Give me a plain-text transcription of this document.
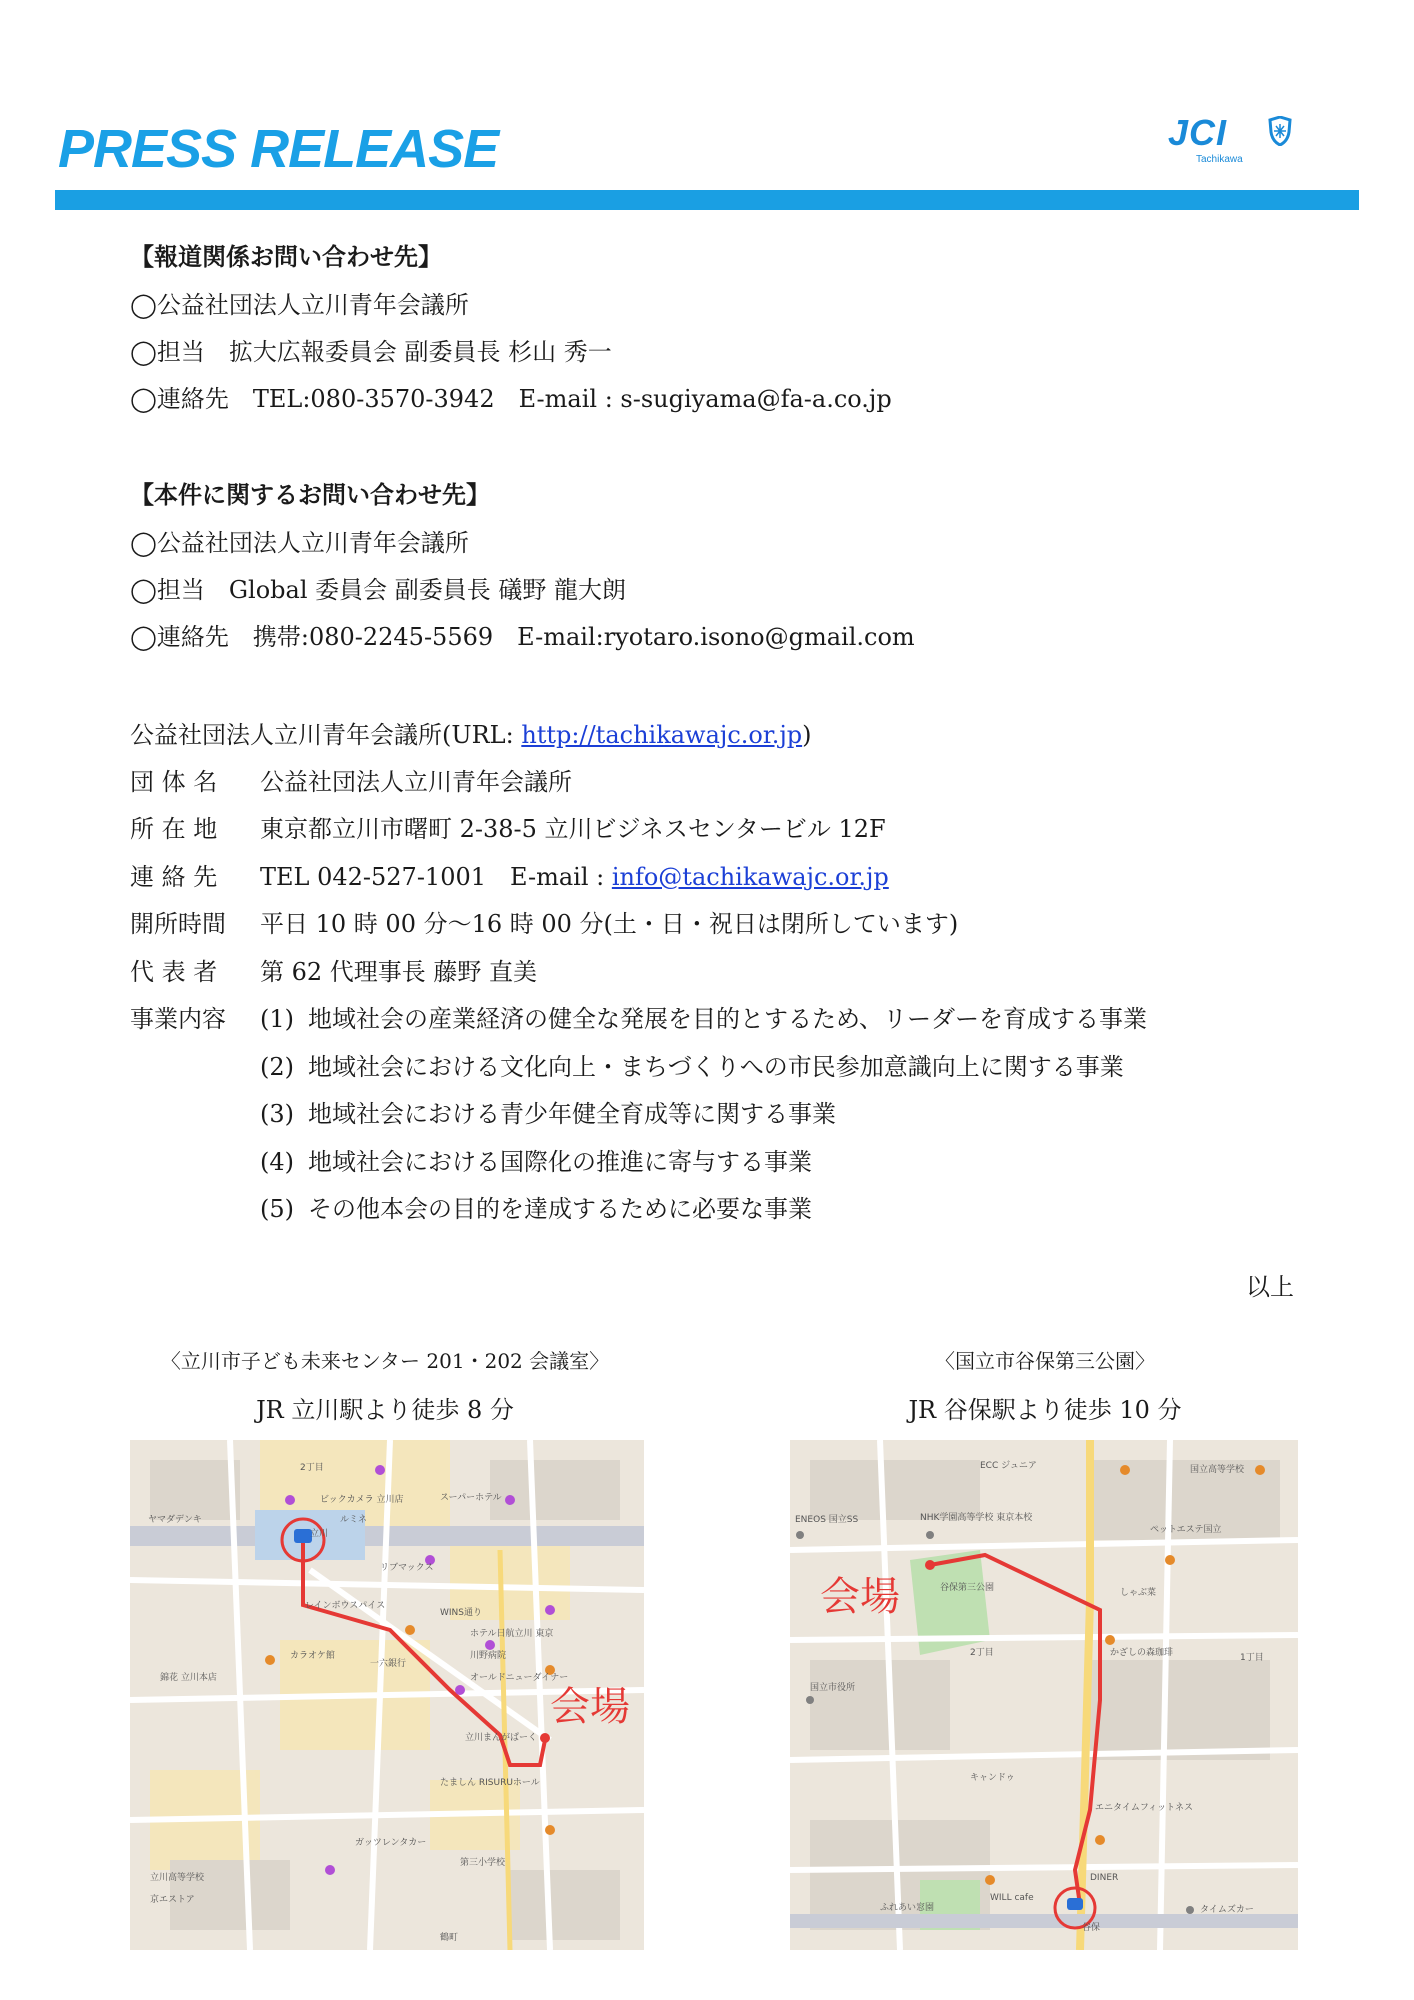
PRESS RELEASE	JCI
Tachikawa
【報道関係お問い合わせ先】
◯公益社団法人立川青年会議所
◯担当　拡大広報委員会 副委員長 杉山 秀一
◯連絡先　TEL:080-3570-3942　E-mail : s-sugiyama@fa-a.co.jp
【本件に関するお問い合わせ先】
◯公益社団法人立川青年会議所
◯担当　Global 委員会 副委員長 礒野 龍大朗
◯連絡先　携帯:080-2245-5569　E-mail:ryotaro.isono@gmail.com
公益社団法人立川青年会議所(URL: http://tachikawajc.or.jp)
団 体 名 公益社団法人立川青年会議所
所 在 地 東京都立川市曙町 2-38-5 立川ビジネスセンタービル 12F
連 絡 先 TEL 042-527-1001　E-mail : info@tachikawajc.or.jp
開所時間 平日 10 時 00 分〜16 時 00 分(土・日・祝日は閉所しています)
代 表 者 第 62 代理事長 藤野 直美
事業内容 (1) 地域社会の産業経済の健全な発展を目的とするため、リーダーを育成する事業
(2) 地域社会における文化向上・まちづくりへの市民参加意識向上に関する事業
(3) 地域社会における青少年健全育成等に関する事業
(4) 地域社会における国際化の推進に寄与する事業
(5) その他本会の目的を達成するために必要な事業
以上
〈立川市子ども未来センター 201・202 会議室〉
JR 立川駅より徒歩 8 分
〈国立市谷保第三公園〉
JR 谷保駅より徒歩 10 分
立川
2丁目
ビックカメラ 立川店	スーパーホテル
ヤマダデンキ	ルミネ
リブマックス
レインボウスパイス
WINS通り
ホテル日航立川 東京
川野病院
カラオケ館
一六銀行
オールドニューダイナー
立川まんがぱーく
たましん RISURUホール
ガッツレンタカー
第三小学校
立川高等学校
鶴町
錦花 立川本店
京エストア
会場
谷保
ECC ジュニア	国立高等学校
ENEOS 国立SS	NHK学園高等学校 東京本校
ペットエステ国立
谷保第三公園	しゃぶ菜
かざしの森珈琲
国立市役所
1丁目
2丁目
キャンドゥ
エニタイムフィットネス
DINER
WILL cafe
タイムズカー
ふれあい窓園
会場
